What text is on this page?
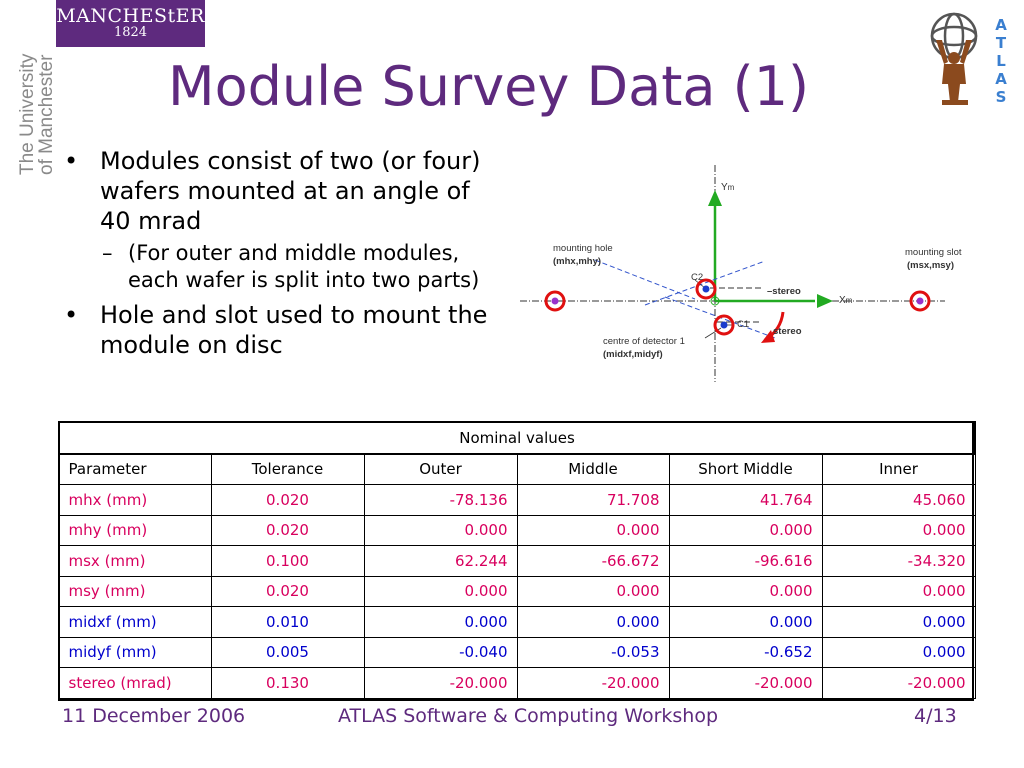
MANCHEStER
1824
The University
of Manchester Module Survey Data (1)
A
T
L
A
S
• Modules consist of two (or four) wafers mounted at an angle of 40 mrad
– (For outer and middle modules, each wafer is split into two parts)
• Hole and slot used to mount the module on disc
Ym
Xm
mounting hole
(mhx,mhy)
mounting slot
(msx,msy)
C2
C1
–stereo
stereo
centre of detector 1
(midxf,midyf)
Nominal values					
Parameter	Tolerance	Outer	Middle	Short Middle	Inner
mhx (mm)	0.020	-78.136	71.708	41.764	45.060
mhy (mm)	0.020	0.000	0.000	0.000	0.000
msx (mm)	0.100	62.244	-66.672	-96.616	-34.320
msy (mm)	0.020	0.000	0.000	0.000	0.000
midxf (mm)	0.010	0.000	0.000	0.000	0.000
midyf (mm)	0.005	-0.040	-0.053	-0.652	0.000
stereo (mrad)	0.130	-20.000	-20.000	-20.000	-20.000
11 December 2006	ATLAS Software & Computing Workshop	4/13
